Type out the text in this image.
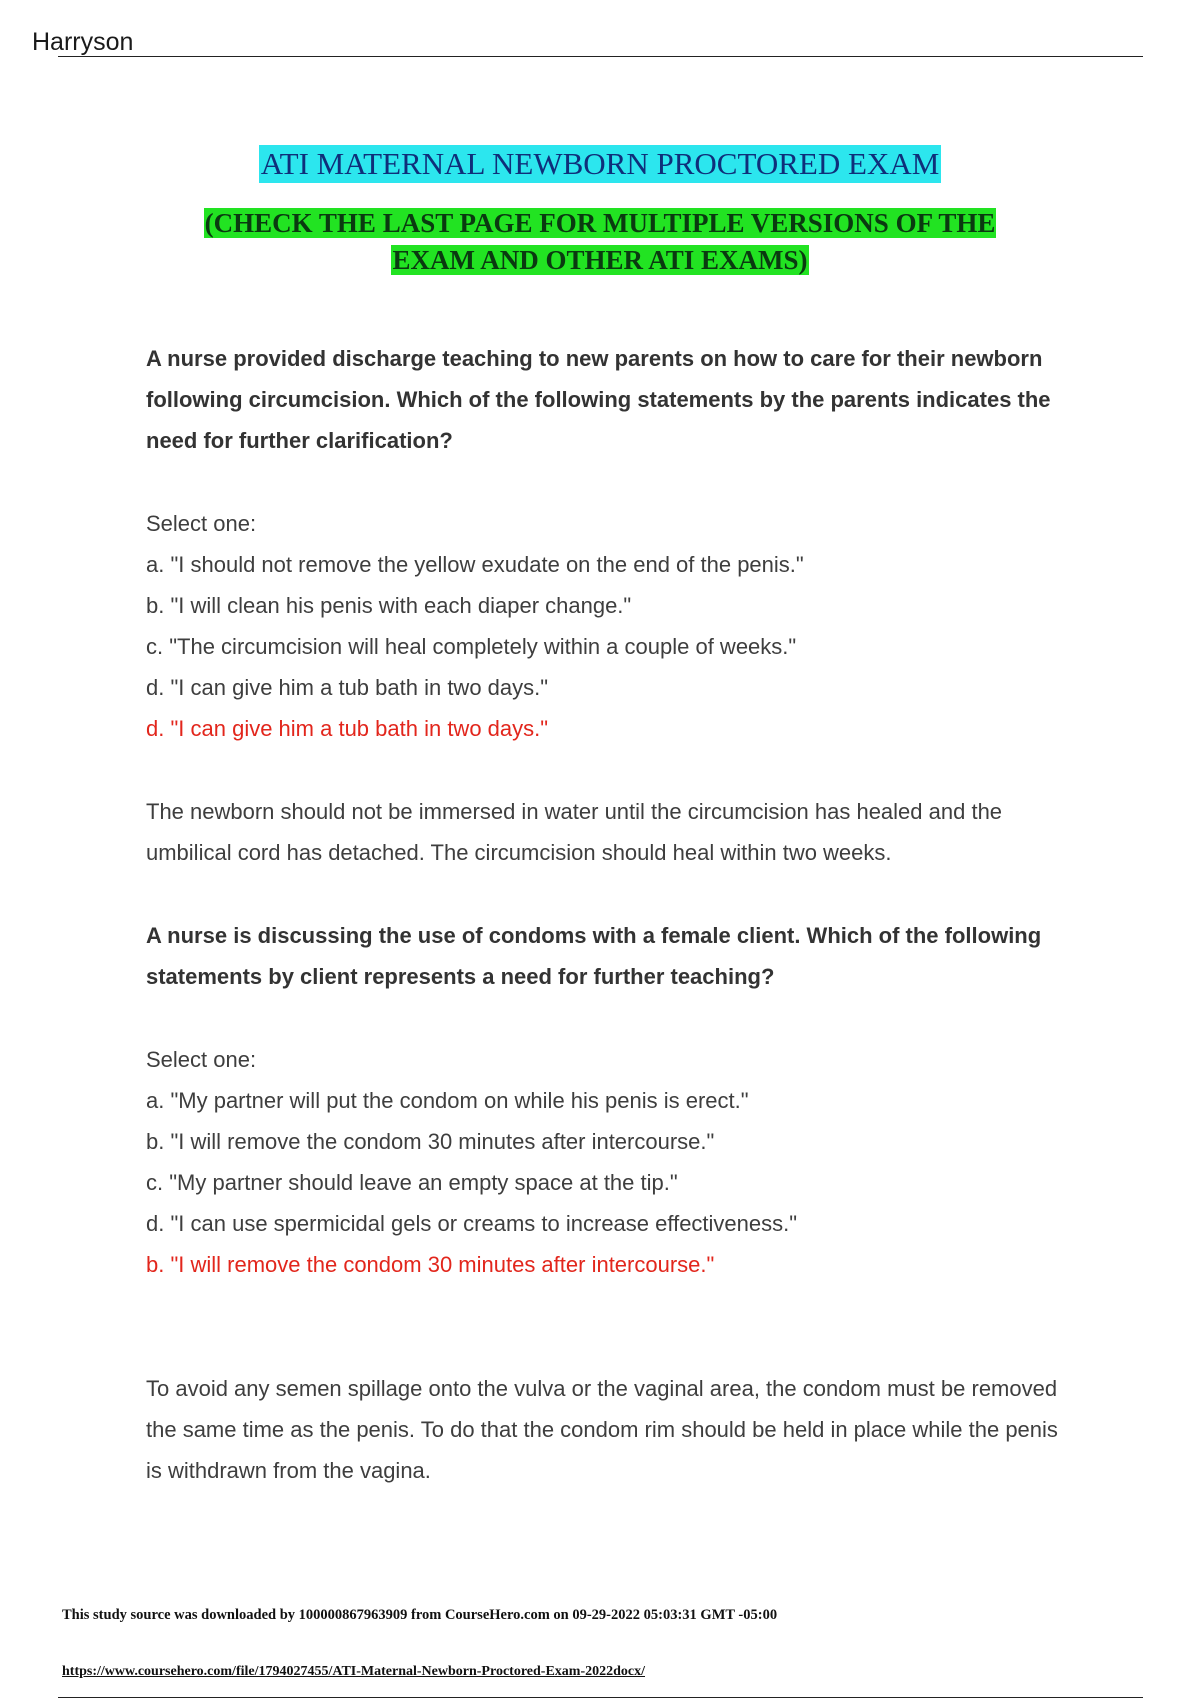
Harryson
ATI MATERNAL NEWBORN PROCTORED EXAM
(CHECK THE LAST PAGE FOR MULTIPLE VERSIONS OF THE
EXAM AND OTHER ATI EXAMS)

A nurse provided discharge teaching to new parents on how to care for their newborn following circumcision. Which of the following statements by the parents indicates the need for further clarification?

Select one:

a. "I should not remove the yellow exudate on the end of the penis."

b. "I will clean his penis with each diaper change."

c. "The circumcision will heal completely within a couple of weeks."

d. "I can give him a tub bath in two days."

d. "I can give him a tub bath in two days."

The newborn should not be immersed in water until the circumcision has healed and the umbilical cord has detached. The circumcision should heal within two weeks.

A nurse is discussing the use of condoms with a female client. Which of the following statements by client represents a need for further teaching?

Select one:

a. "My partner will put the condom on while his penis is erect."

b. "I will remove the condom 30 minutes after intercourse."

c. "My partner should leave an empty space at the tip."

d. "I can use spermicidal gels or creams to increase effectiveness."

b. "I will remove the condom 30 minutes after intercourse."

To avoid any semen spillage onto the vulva or the vaginal area, the condom must be removed the same time as the penis. To do that the condom rim should be held in place while the penis is withdrawn from the vagina.

This study source was downloaded by 100000867963909 from CourseHero.com on 09-29-2022 05:03:31 GMT -05:00
https://www.coursehero.com/file/1794027455/ATI-Maternal-Newborn-Proctored-Exam-2022docx/
